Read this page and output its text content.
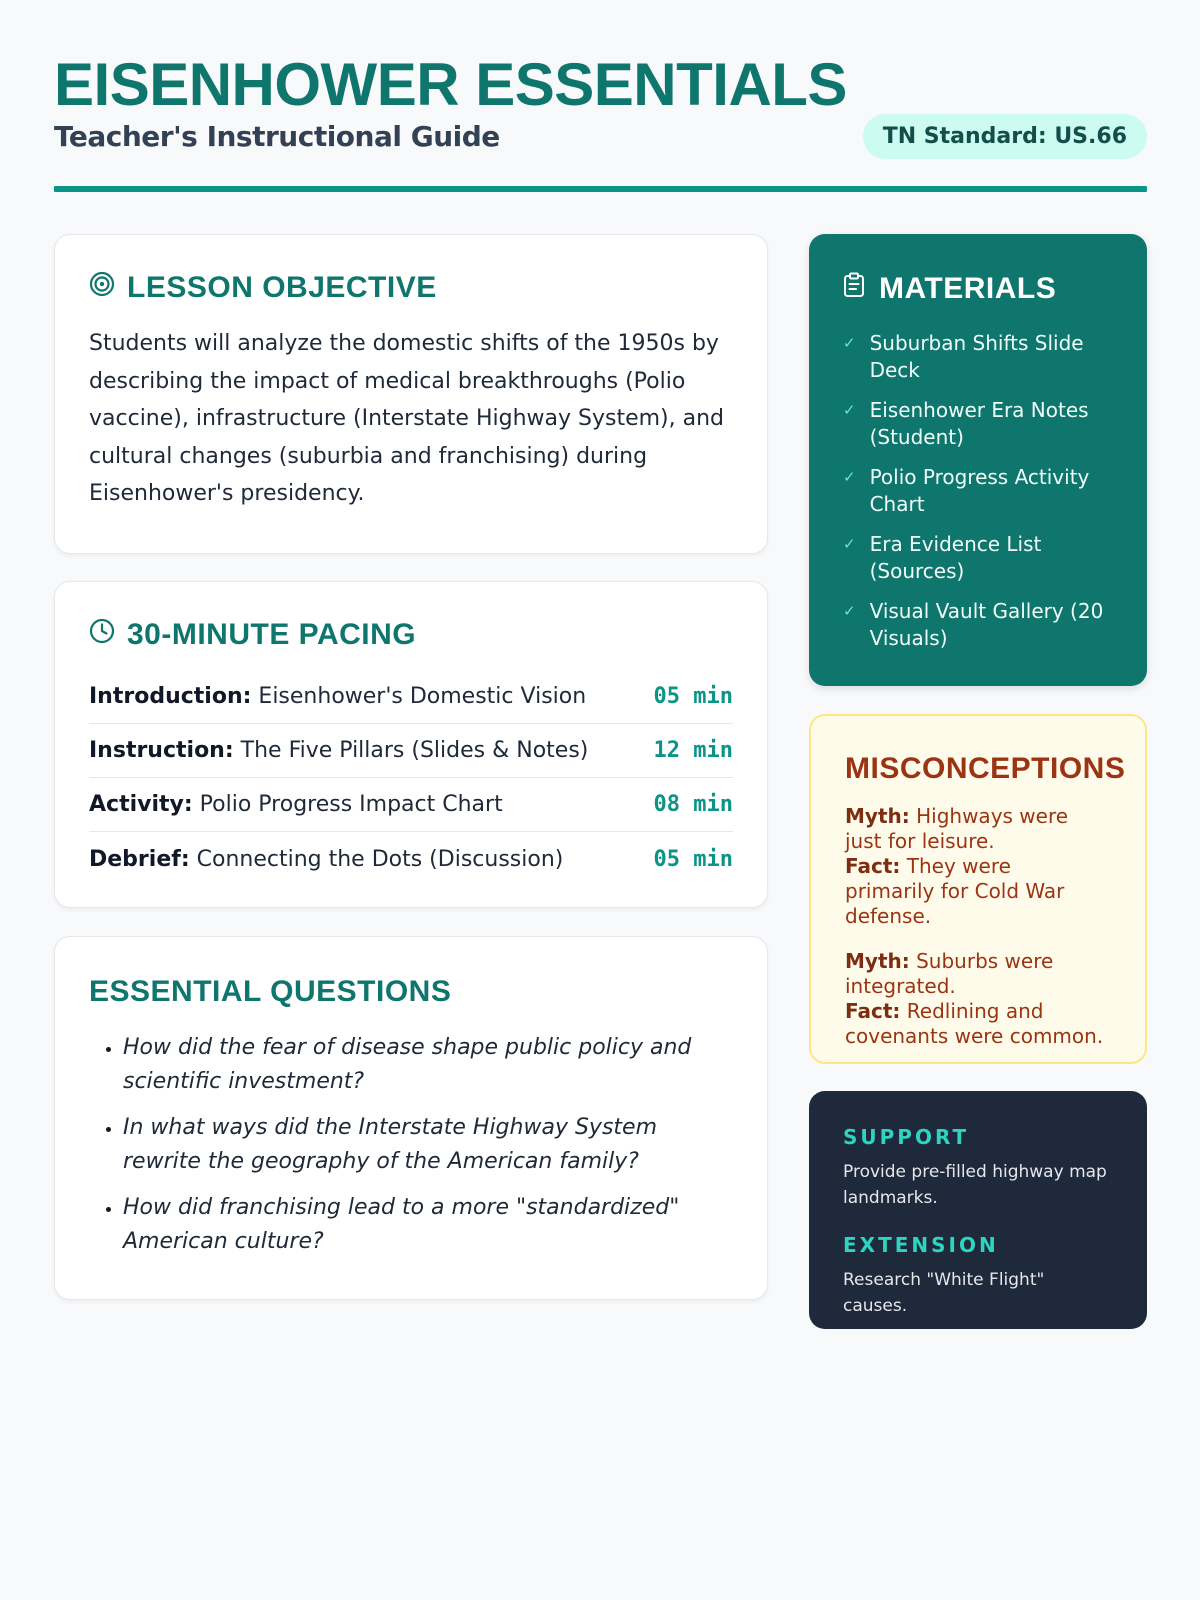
EISENHOWER ESSENTIALS
Teacher's Instructional Guide	TN Standard: US.66
LESSON OBJECTIVE

Students will analyze the domestic shifts of the 1950s by describing the impact of medical breakthroughs (Polio vaccine), infrastructure (Interstate Highway System), and cultural changes (suburbia and franchising) during Eisenhower's presidency.

30-MINUTE PACING
Introduction: Eisenhower's Domestic Vision	05 min
Instruction: The Five Pillars (Slides & Notes)	12 min
Activity: Polio Progress Impact Chart	08 min
Debrief: Connecting the Dots (Discussion)	05 min
ESSENTIAL QUESTIONS
• How did the fear of disease shape public policy and scientific investment?
• In what ways did the Interstate Highway System rewrite the geography of the American family?
• How did franchising lead to a more "standardized" American culture?
MATERIALS
✓ Suburban Shifts Slide Deck
✓ Eisenhower Era Notes (Student)
✓ Polio Progress Activity Chart
✓ Era Evidence List (Sources)
✓ Visual Vault Gallery (20 Visuals)
MISCONCEPTIONS
Myth: Highways were just for leisure.
Fact: They were primarily for Cold War defense.
Myth: Suburbs were integrated.
Fact: Redlining and covenants were common.
SUPPORT

Provide pre-filled highway map landmarks.

EXTENSION

Research "White Flight" causes.
